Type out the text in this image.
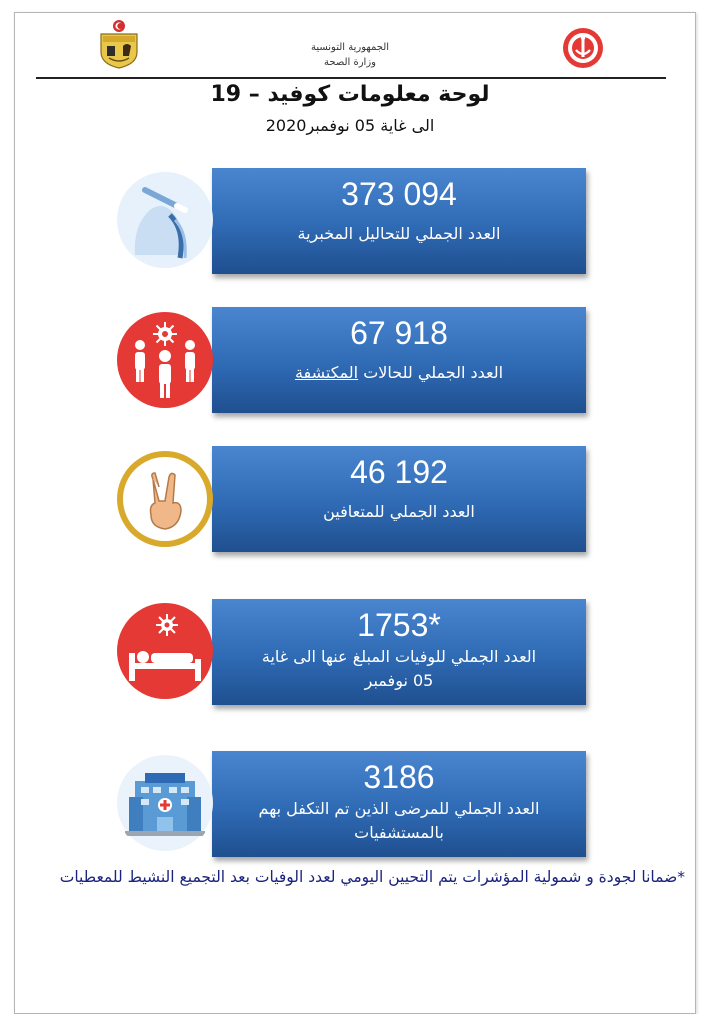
الجمهورية التونسية
وزارة الصحة
لوحة معلومات كوفيد – 19
الى غاية 05 نوفمبر2020
373 094
العدد الجملي للتحاليل المخبرية
67 918
العدد الجملي للحالات المكتشفة
46 192
العدد الجملي للمتعافين
1753*
العدد الجملي للوفيات المبلغ عنها الى غاية
05 نوفمبر
3186
العدد الجملي للمرضى الذين تم التكفل بهم
بالمستشفيات
*ضمانا لجودة و شمولية المؤشرات يتم التحيين اليومي لعدد الوفيات بعد التجميع النشيط للمعطيات
